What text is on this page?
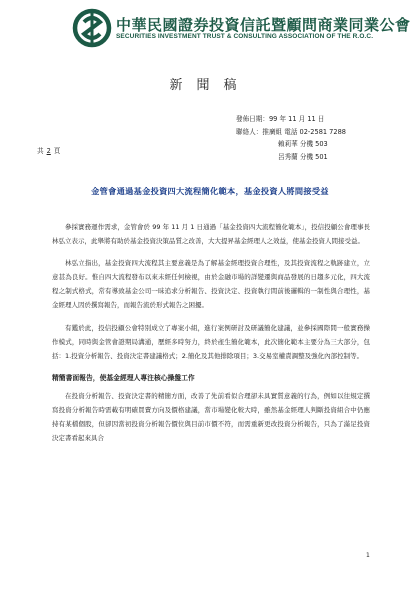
中華民國證券投資信託暨顧問商業同業公會
SECURITIES INVESTMENT TRUST & CONSULTING ASSOCIATION OF THE R.O.C.
新聞稿
發佈日期：99 年 11 月 11 日
聯絡人：推廣組 電話 02-2581 7288
賴莉華 分機 503
呂秀蘭 分機 501
共 2 頁
金管會通過基金投資四大流程簡化範本，基金投資人將間接受益

參採實務運作需求，金管會於 99 年 11 月 1 日通過「基金投資四大流程簡化範本」，投信投顧公會理事長林弘立表示，此舉將有助於基金投資決策品質之改善，大大提昇基金經理人之效益，使基金投資人間接受益。

林弘立指出，基金投資四大流程其主要意義是為了解基金經理投資合理性，及其投資流程之軌跡建立，立意甚為良好。惟自四大流程發布以來未經任何檢視，由於金融市場的詳變遷與商品發展的日趨多元化，四大流程之制式格式，常有導致基金公司一昧追求分析報告、投資決定、投資執行間前後邏輯的一制性與合理性，基金經理人因於撰寫報告，而報告流於形式報告之困擾。

有鑑於此，投信投顧公會特別成立了專案小組，進行案例研討及研議簡化建議，並參採國際間一般實務操作模式，同時與金管會證期局溝通，歷經多時努力，終於產生簡化範本，此次簡化範本主要分為三大部分，包括：1.投資分析報告、投資決定書建議格式；2.簡化及其他排除項目；3.交易室權責調整及強化內部控制等。

精簡書面報告，使基金經理人專注核心操盤工作

在投資分析報告、投資決定書的精簡方面，改善了先前看似合理卻未具實質意義的行為，例如以往規定撰寫投資分析報告時需載有明確買賣方向及價格建議，當市場變化較大時，雖然基金經理人判斷投資組合中仍應持有某檔個股，但卻因當初投資分析報告價位與目前市價不符，而需重新更改投資分析報告，只為了滿足投資決定書看起來具合

1
